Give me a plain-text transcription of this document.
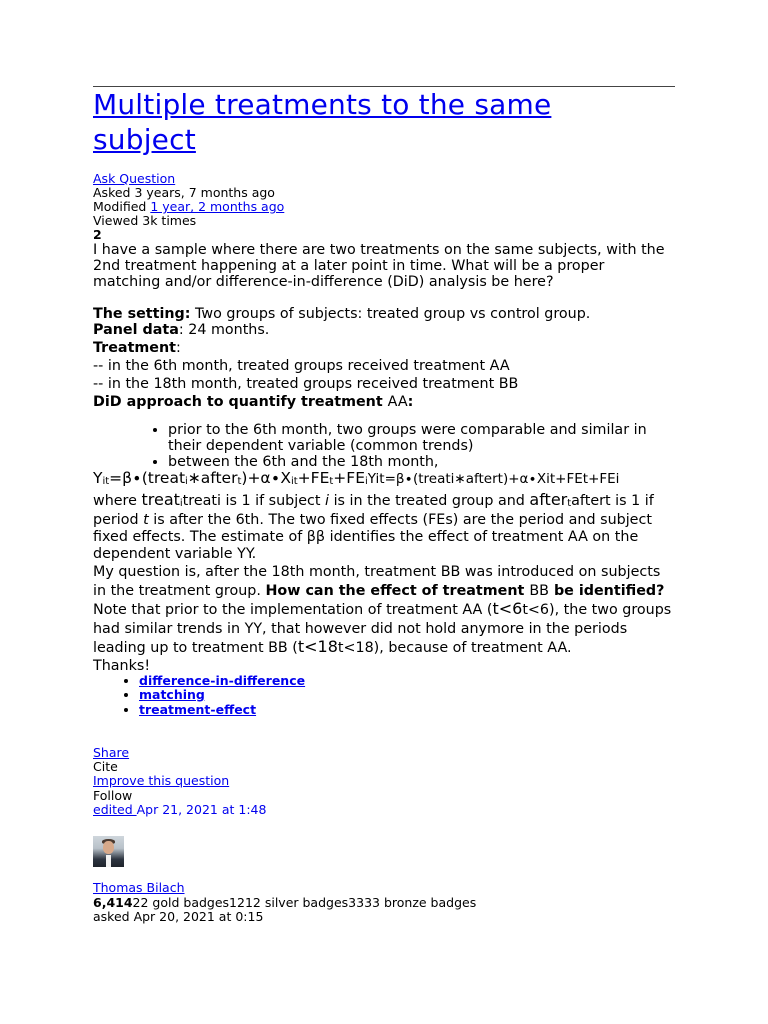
Multiple treatments to the same subject
Ask Question
Asked 3 years, 7 months ago
Modified 1 year, 2 months ago
Viewed 3k times
2

I have a sample where there are two treatments on the same subjects, with the 2nd treatment happening at a later point in time. What will be a proper matching and/or difference-in-difference (DiD) analysis be here?

The setting: Two groups of subjects: treated group vs control group.

Panel data: 24 months.

Treatment:

-- in the 6th month, treated groups received treatment AA

-- in the 18th month, treated groups received treatment BB

DiD approach to quantify treatment AA:

• prior to the 6th month, two groups were comparable and similar in their dependent variable (common trends)
• between the 6th and the 18th month,

Yit=β∙(treati∗aftert)+α∙Xit+FEt+FEiYit=β∙(treati∗aftert)+α∙Xit+FEt+FEi

where treatitreati is 1 if subject i is in the treated group and aftertaftert is 1 if period t is after the 6th. The two fixed effects (FEs) are the period and subject fixed effects. The estimate of ββ identifies the effect of treatment AA on the dependent variable YY.

My question is, after the 18th month, treatment BB was introduced on subjects in the treatment group. How can the effect of treatment BB be identified? Note that prior to the implementation of treatment AA (t<6t<6), the two groups had similar trends in YY, that however did not hold anymore in the periods leading up to treatment BB (t<18t<18), because of treatment AA.

Thanks!

• difference-in-difference
• matching
• treatment-effect
Share
Cite
Improve this question
Follow
edited Apr 21, 2021 at 1:48
Thomas Bilach
6,41422 gold badges1212 silver badges3333 bronze badges
asked Apr 20, 2021 at 0:15
